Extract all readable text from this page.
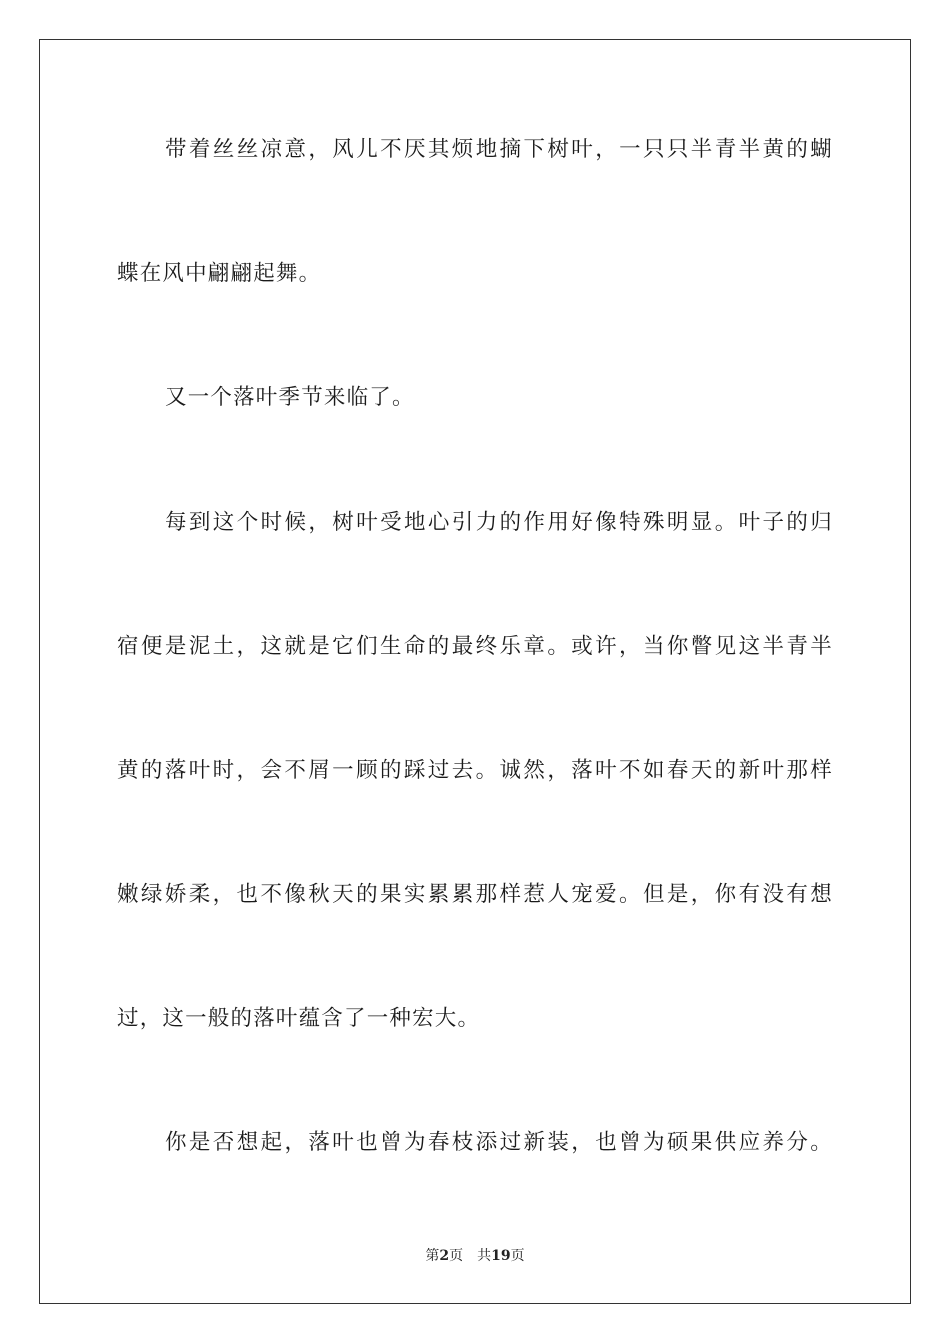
带着丝丝凉意，风儿不厌其烦地摘下树叶，一只只半青半黄的蝴
蝶在风中翩翩起舞。
又一个落叶季节来临了。
每到这个时候，树叶受地心引力的作用好像特殊明显。叶子的归
宿便是泥土，这就是它们生命的最终乐章。或许，当你瞥见这半青半
黄的落叶时，会不屑一顾的踩过去。诚然，落叶不如春天的新叶那样
嫩绿娇柔，也不像秋天的果实累累那样惹人宠爱。但是，你有没有想
过，这一般的落叶蕴含了一种宏大。
你是否想起，落叶也曾为春枝添过新装，也曾为硕果供应养分。
第2页 共19页
